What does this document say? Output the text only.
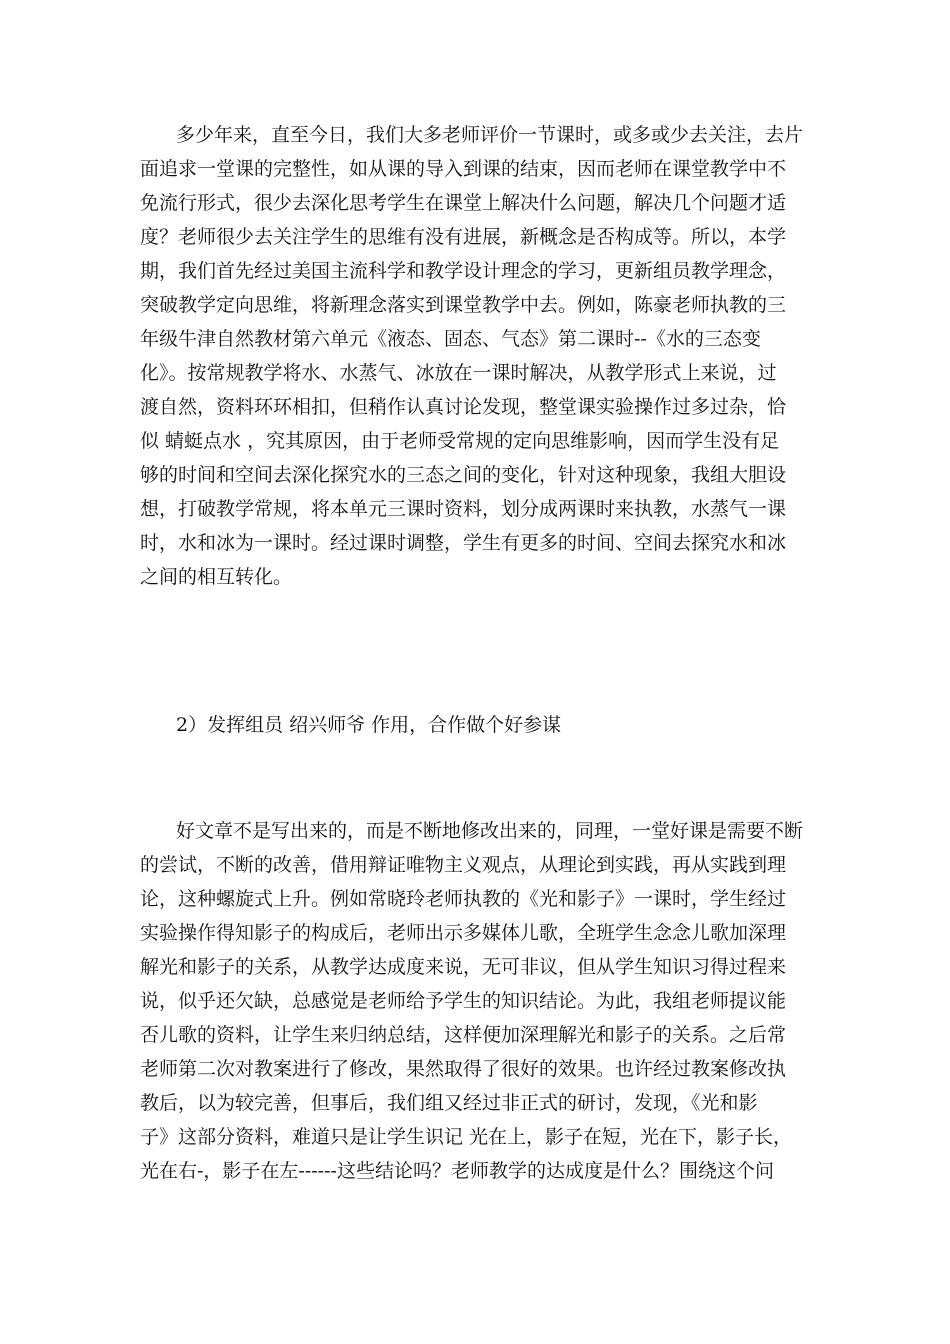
多少年来，直至今日，我们大多老师评价一节课时，或多或少去关注，去片
面追求一堂课的完整性，如从课的导入到课的结束，因而老师在课堂教学中不
免流行形式，很少去深化思考学生在课堂上解决什么问题，解决几个问题才适
度？老师很少去关注学生的思维有没有进展，新概念是否构成等。所以，本学
期，我们首先经过美国主流科学和教学设计理念的学习，更新组员教学理念，
突破教学定向思维，将新理念落实到课堂教学中去。例如，陈豪老师执教的三
年级牛津自然教材第六单元《液态、固态、气态》第二课时--《水的三态变
化》。按常规教学将水、水蒸气、冰放在一课时解决，从教学形式上来说，过
渡自然，资料环环相扣，但稍作认真讨论发现，整堂课实验操作过多过杂，恰
似 蜻蜓点水 ，究其原因，由于老师受常规的定向思维影响，因而学生没有足
够的时间和空间去深化探究水的三态之间的变化，针对这种现象，我组大胆设
想，打破教学常规，将本单元三课时资料，划分成两课时来执教，水蒸气一课
时，水和冰为一课时。经过课时调整，学生有更多的时间、空间去探究水和冰
之间的相互转化。
2）发挥组员 绍兴师爷 作用，合作做个好参谋
好文章不是写出来的，而是不断地修改出来的，同理，一堂好课是需要不断
的尝试，不断的改善，借用辩证唯物主义观点，从理论到实践，再从实践到理
论，这种螺旋式上升。例如常晓玲老师执教的《光和影子》一课时，学生经过
实验操作得知影子的构成后，老师出示多媒体儿歌，全班学生念念儿歌加深理
解光和影子的关系，从教学达成度来说，无可非议，但从学生知识习得过程来
说，似乎还欠缺，总感觉是老师给予学生的知识结论。为此，我组老师提议能
否儿歌的资料，让学生来归纳总结，这样便加深理解光和影子的关系。之后常
老师第二次对教案进行了修改，果然取得了很好的效果。也许经过教案修改执
教后，以为较完善，但事后，我们组又经过非正式的研讨，发现，《光和影
子》这部分资料，难道只是让学生识记 光在上，影子在短，光在下，影子长，
光在右-，影子在左------这些结论吗？老师教学的达成度是什么？围绕这个问
